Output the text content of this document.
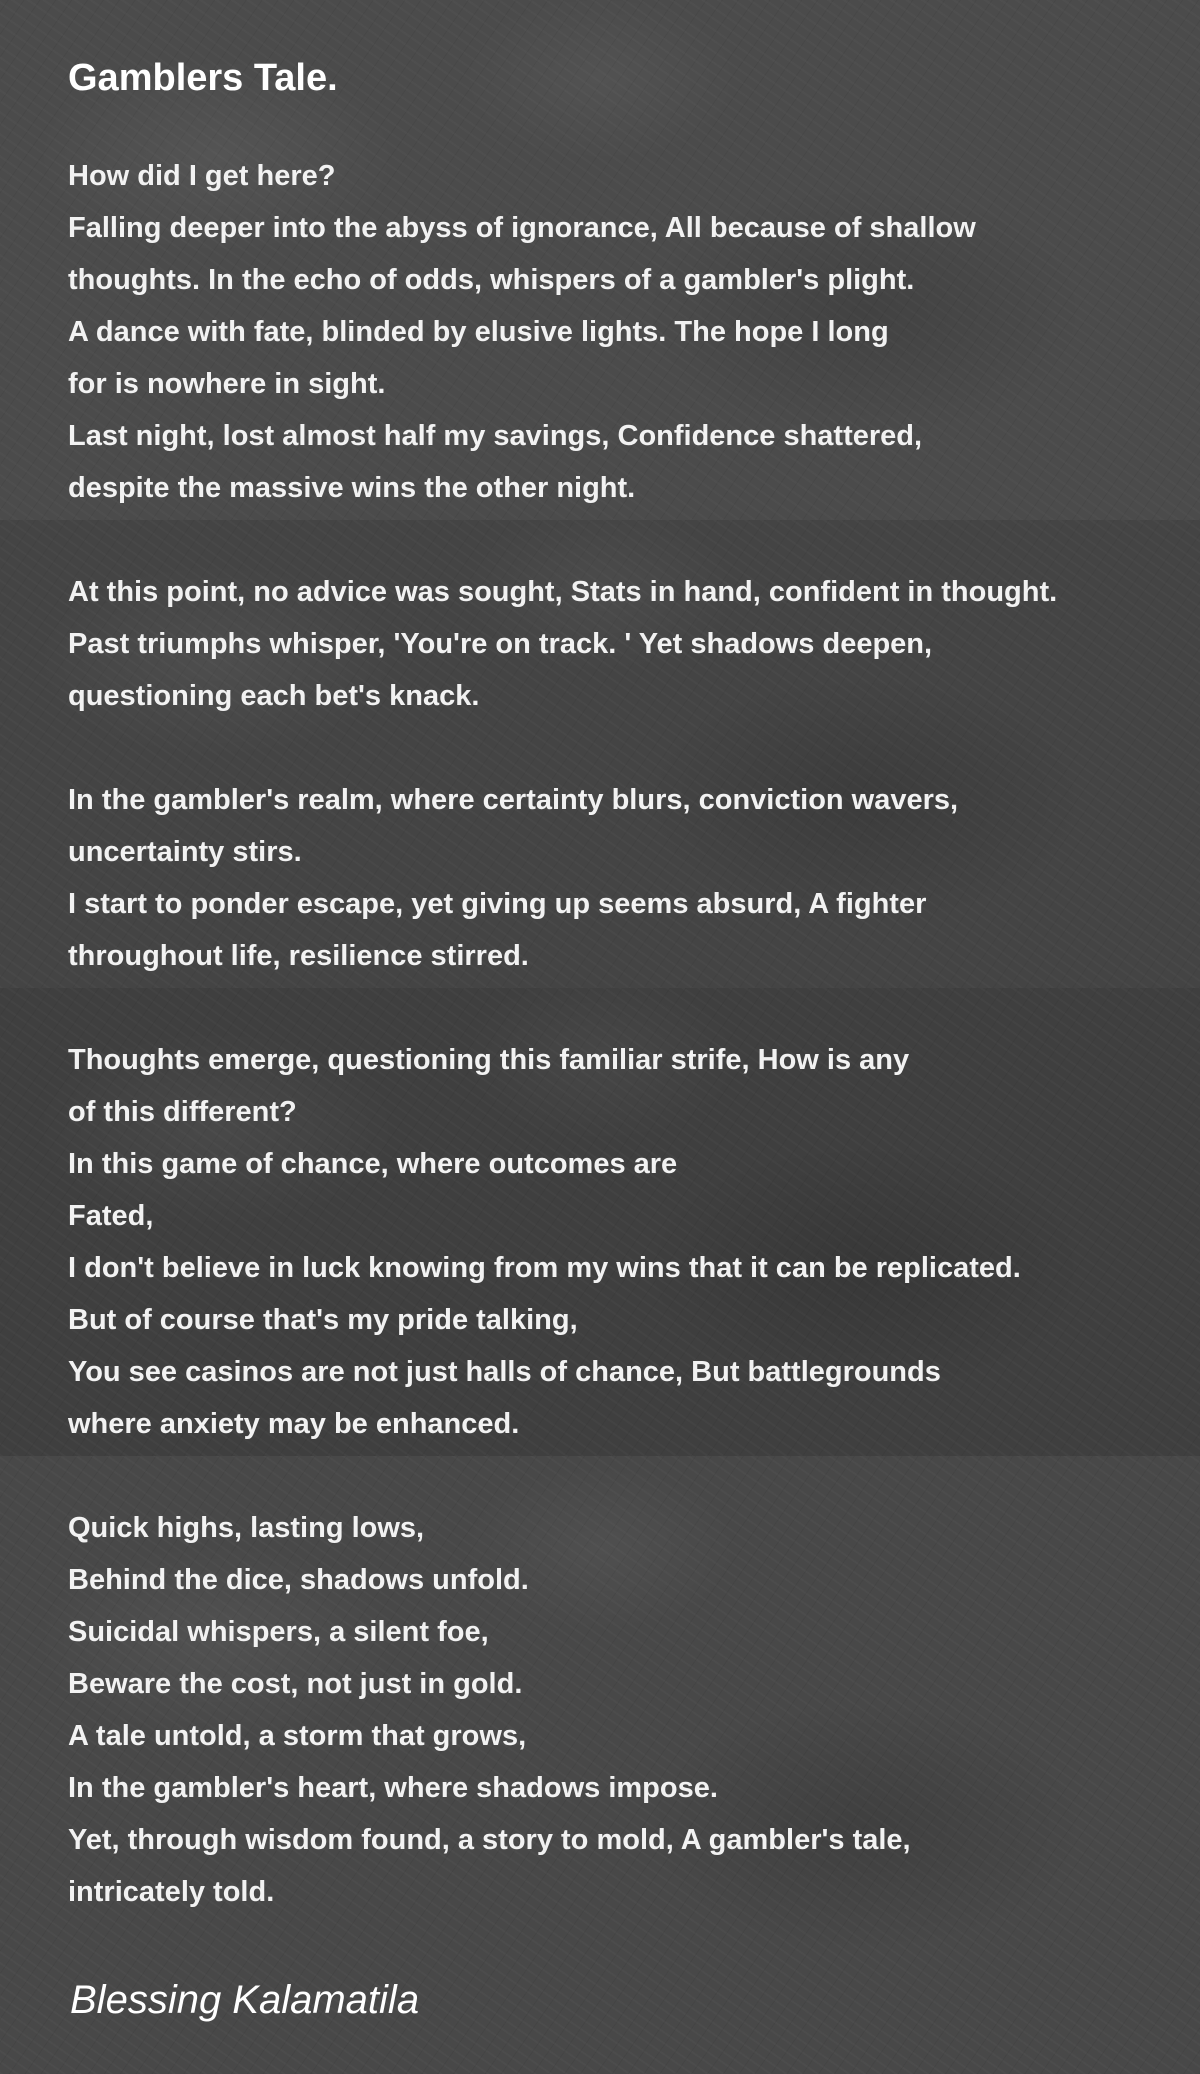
Gamblers Tale.
How did I get here?
Falling deeper into the abyss of ignorance, All because of shallow
thoughts. In the echo of odds, whispers of a gambler's plight.
A dance with fate, blinded by elusive lights. The hope I long
for is nowhere in sight.
Last night, lost almost half my savings, Confidence shattered,
despite the massive wins the other night.
At this point, no advice was sought, Stats in hand, confident in thought.
Past triumphs whisper, 'You're on track. ' Yet shadows deepen,
questioning each bet's knack.
In the gambler's realm, where certainty blurs, conviction wavers,
uncertainty stirs.
I start to ponder escape, yet giving up seems absurd, A fighter
throughout life, resilience stirred.
Thoughts emerge, questioning this familiar strife, How is any
of this different?
In this game of chance, where outcomes are
Fated,
I don't believe in luck knowing from my wins that it can be replicated.
But of course that's my pride talking,
You see casinos are not just halls of chance, But battlegrounds
where anxiety may be enhanced.
Quick highs, lasting lows,
Behind the dice, shadows unfold.
Suicidal whispers, a silent foe,
Beware the cost, not just in gold.
A tale untold, a storm that grows,
In the gambler's heart, where shadows impose.
Yet, through wisdom found, a story to mold, A gambler's tale,
intricately told.
Blessing Kalamatila
